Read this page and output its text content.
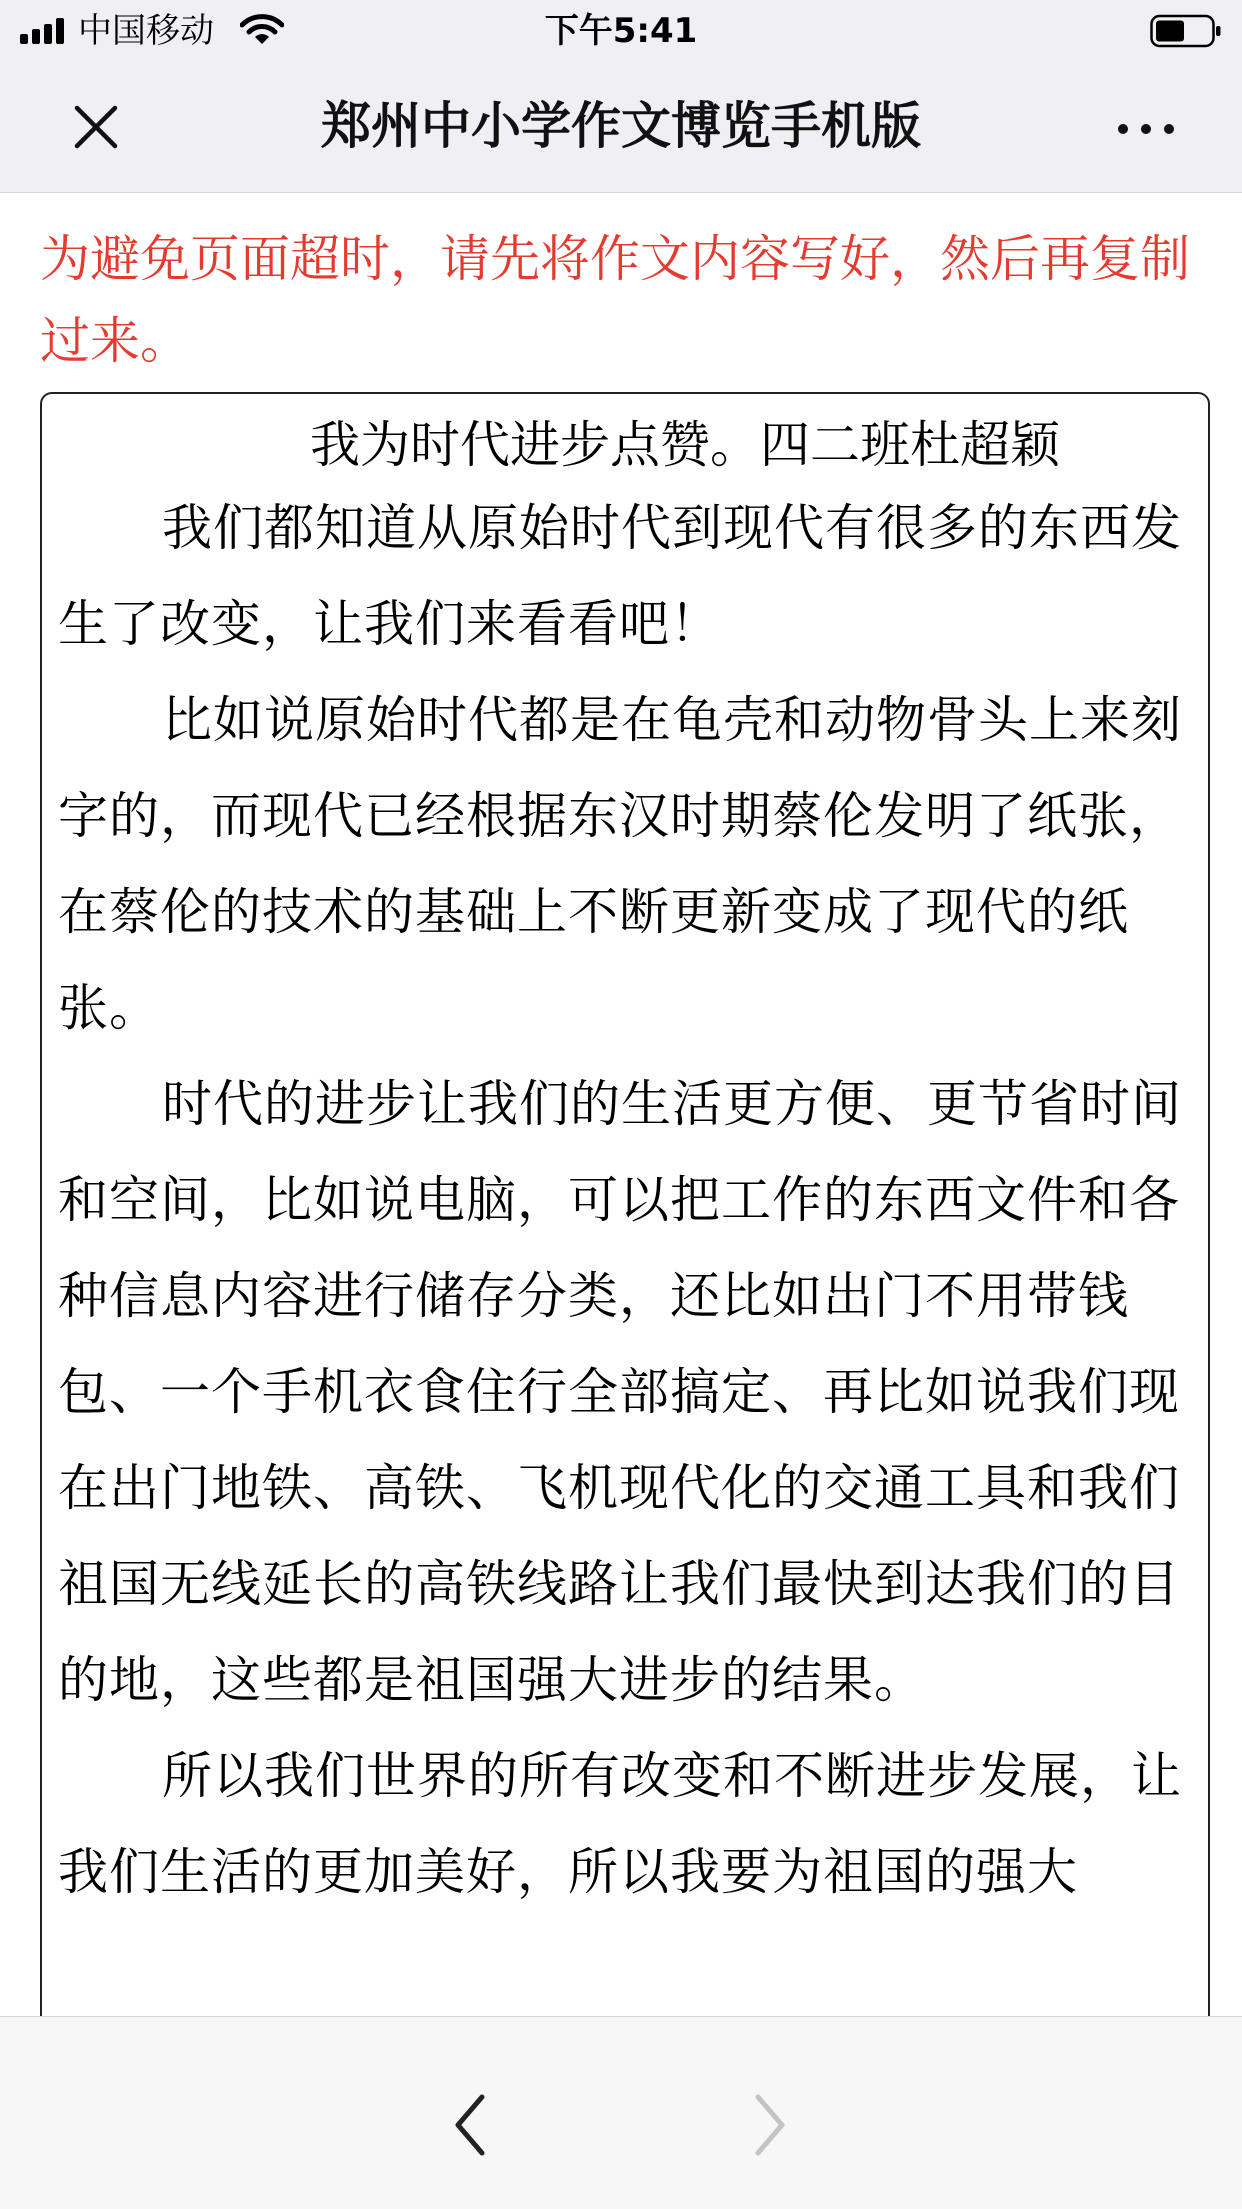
中国移动	下午5:41
郑州中小学作文博览手机版

为避免页面超时，请先将作文内容写好，然后再复制过来。

我为时代进步点赞。四二班杜超颖

我们都知道从原始时代到现代有很多的东西发生了改变，让我们来看看吧！

比如说原始时代都是在龟壳和动物骨头上来刻字的，而现代已经根据东汉时期蔡伦发明了纸张，在蔡伦的技术的基础上不断更新变成了现代的纸张。

时代的进步让我们的生活更方便、更节省时间和空间，比如说电脑，可以把工作的东西文件和各种信息内容进行储存分类，还比如出门不用带钱包、一个手机衣食住行全部搞定、再比如说我们现在出门地铁、高铁、飞机现代化的交通工具和我们祖国无线延长的高铁线路让我们最快到达我们的目的地，这些都是祖国强大进步的结果。

所以我们世界的所有改变和不断进步发展，让我们生活的更加美好，所以我要为祖国的强大
